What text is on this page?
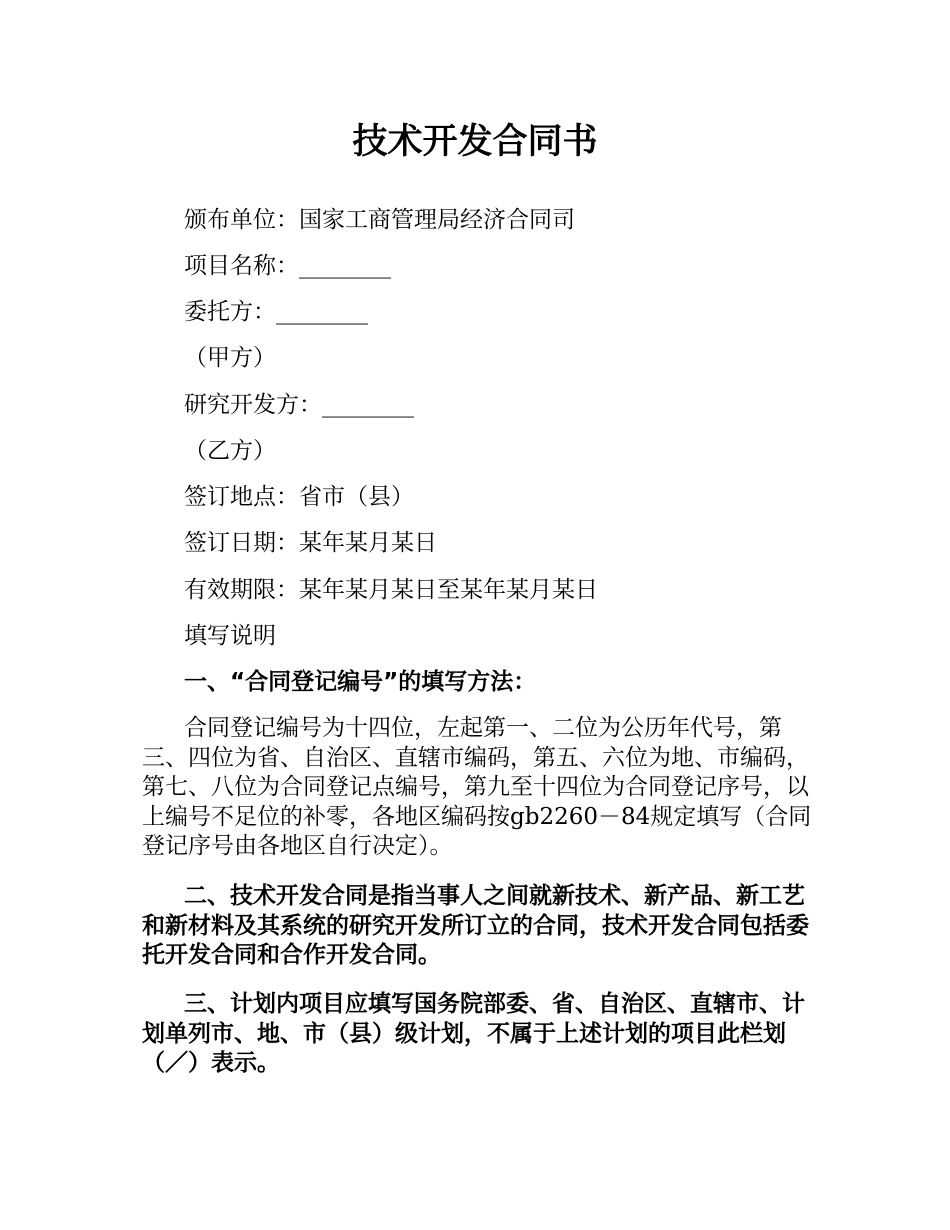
技术开发合同书
颁布单位：国家工商管理局经济合同司
项目名称：________
委托方：________
（甲方）
研究开发方：________
（乙方）
签订地点：省市（县）
签订日期：某年某月某日
有效期限：某年某月某日至某年某月某日
填写说明
一、“合同登记编号”的填写方法：

合同登记编号为十四位，左起第一、二位为公历年代号，第三、四位为省、自治区、直辖市编码，第五、六位为地、市编码，第七、八位为合同登记点编号，第九至十四位为合同登记序号，以上编号不足位的补零，各地区编码按gb2260－84规定填写（合同登记序号由各地区自行决定）。

二、技术开发合同是指当事人之间就新技术、新产品、新工艺和新材料及其系统的研究开发所订立的合同，技术开发合同包括委托开发合同和合作开发合同。

三、计划内项目应填写国务院部委、省、自治区、直辖市、计划单列市、地、市（县）级计划，不属于上述计划的项目此栏划（／）表示。
